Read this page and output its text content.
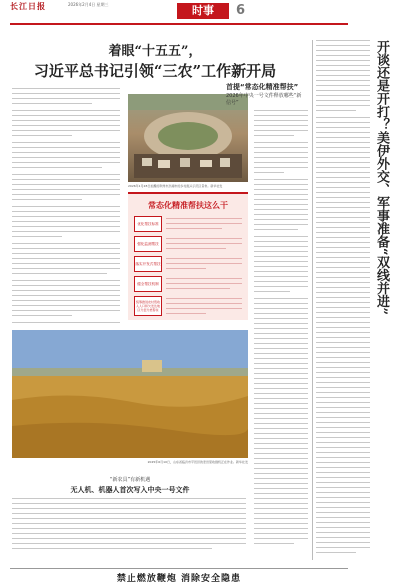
长江日报	2026年2月4日 星期三	时事	6
着眼“十五五”，
习近平总书记引领“三农”工作新开局
2026年1月28日拍摄的荆州市洪湖市的乡村振兴示范区景象。新华社发
首提“常态化精准帮扶”
2026年中央一号文件释放哪些“新信号”
常态化精准帮扶这么干
优化帮扶标准
强化监测帮扶
落实开发式帮扶
健全帮扶机制
统筹推进农村低收入人口和欠发达地区分层分类帮扶
2025年6月10日，山东省临沂市平邑县的麦田里收割机正在作业。新华社发
“新农具”有新机遇
无人机、机器人首次写入中央一号文件
开谈还是开打？美伊外交、军事准备“双线并进”
禁止燃放鞭炮 消除安全隐患
